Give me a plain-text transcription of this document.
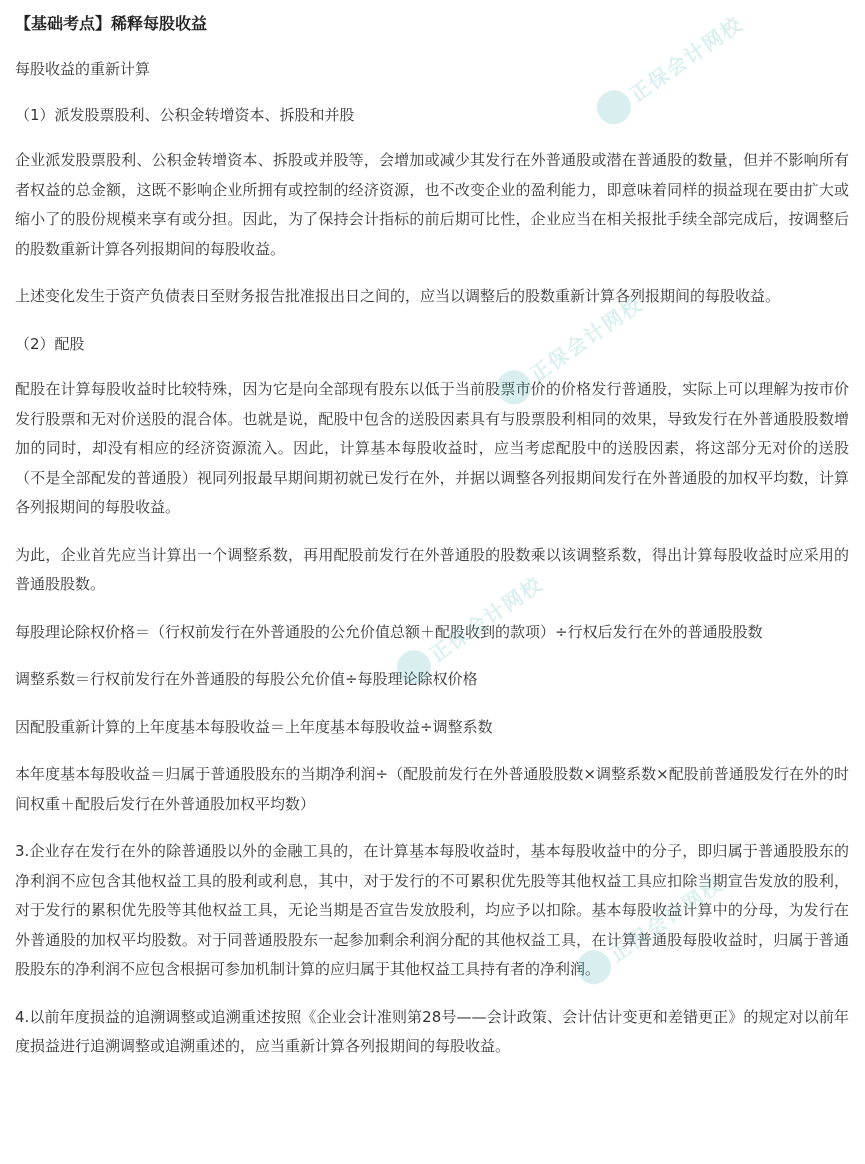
正保会计网校
正保会计网校
正保会计网校
正保会计网校
【基础考点】稀释每股收益

每股收益的重新计算

（1）派发股票股利、公积金转增资本、拆股和并股

企业派发股票股利、公积金转增资本、拆股或并股等，会增加或减少其发行在外普通股或潜在普通股的数量，但并不影响所有者权益的总金额，这既不影响企业所拥有或控制的经济资源，也不改变企业的盈利能力，即意味着同样的损益现在要由扩大或缩小了的股份规模来享有或分担。因此，为了保持会计指标的前后期可比性，企业应当在相关报批手续全部完成后，按调整后的股数重新计算各列报期间的每股收益。

上述变化发生于资产负债表日至财务报告批准报出日之间的，应当以调整后的股数重新计算各列报期间的每股收益。

（2）配股

配股在计算每股收益时比较特殊，因为它是向全部现有股东以低于当前股票市价的价格发行普通股，实际上可以理解为按市价发行股票和无对价送股的混合体。也就是说，配股中包含的送股因素具有与股票股利相同的效果，导致发行在外普通股股数增加的同时，却没有相应的经济资源流入。因此，计算基本每股收益时，应当考虑配股中的送股因素，将这部分无对价的送股（不是全部配发的普通股）视同列报最早期间期初就已发行在外，并据以调整各列报期间发行在外普通股的加权平均数，计算各列报期间的每股收益。

为此，企业首先应当计算出一个调整系数，再用配股前发行在外普通股的股数乘以该调整系数，得出计算每股收益时应采用的普通股股数。

每股理论除权价格＝（行权前发行在外普通股的公允价值总额＋配股收到的款项）÷行权后发行在外的普通股股数

调整系数＝行权前发行在外普通股的每股公允价值÷每股理论除权价格

因配股重新计算的上年度基本每股收益＝上年度基本每股收益÷调整系数

本年度基本每股收益＝归属于普通股股东的当期净利润÷（配股前发行在外普通股股数×调整系数×配股前普通股发行在外的时间权重＋配股后发行在外普通股加权平均数）

3.企业存在发行在外的除普通股以外的金融工具的，在计算基本每股收益时，基本每股收益中的分子，即归属于普通股股东的净利润不应包含其他权益工具的股利或利息，其中，对于发行的不可累积优先股等其他权益工具应扣除当期宣告发放的股利，对于发行的累积优先股等其他权益工具，无论当期是否宣告发放股利，均应予以扣除。基本每股收益计算中的分母，为发行在外普通股的加权平均股数。对于同普通股股东一起参加剩余利润分配的其他权益工具，在计算普通股每股收益时，归属于普通股股东的净利润不应包含根据可参加机制计算的应归属于其他权益工具持有者的净利润。

4.以前年度损益的追溯调整或追溯重述按照《企业会计准则第28号——会计政策、会计估计变更和差错更正》的规定对以前年度损益进行追溯调整或追溯重述的，应当重新计算各列报期间的每股收益。
